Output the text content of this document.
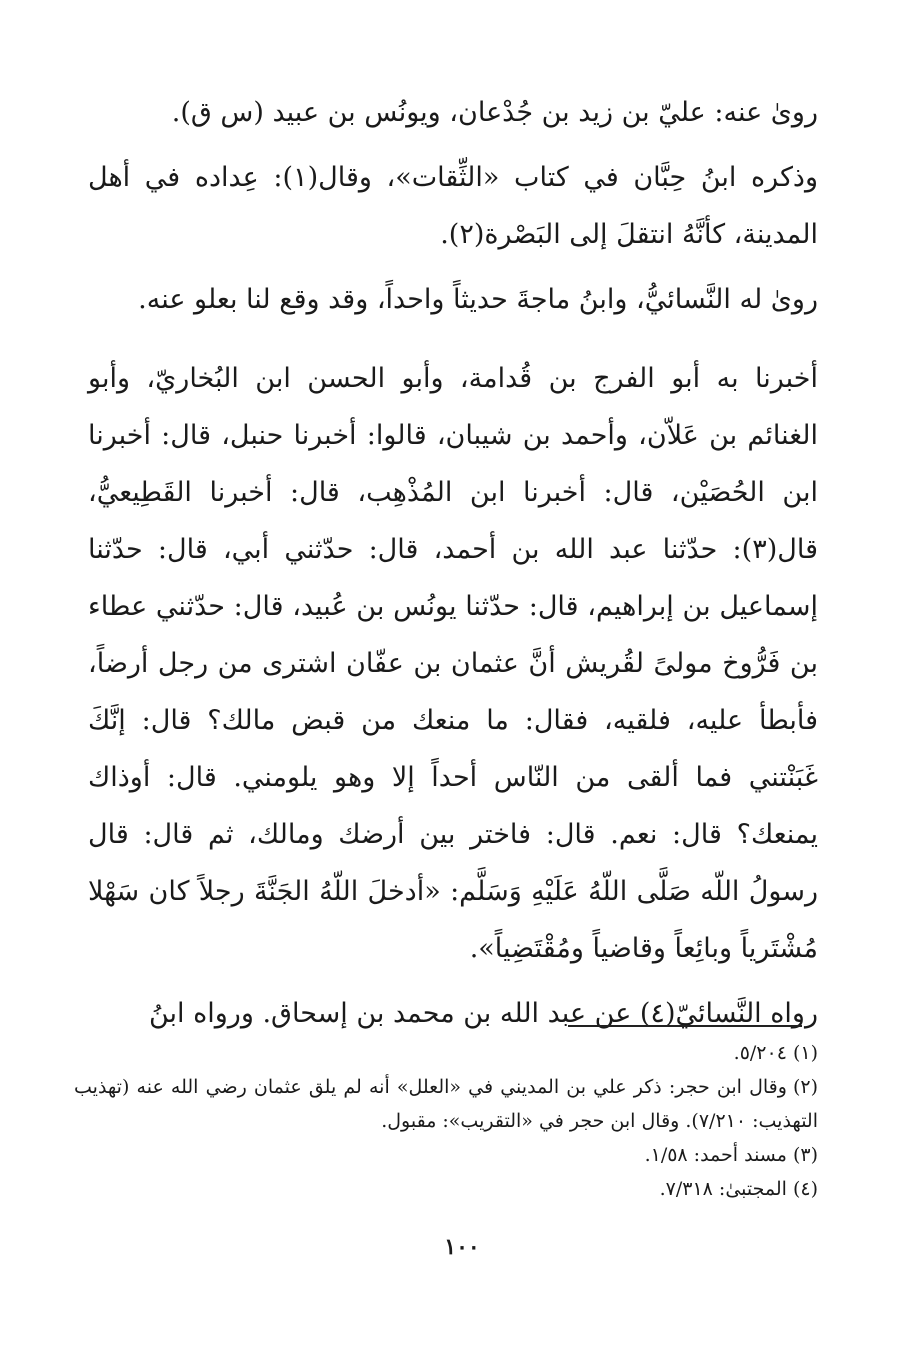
روىٰ عنه: عليّ بن زيد بن جُدْعان، ويونُس بن عبيد (س ق).

وذكره ابنُ حِبَّان في كتاب «الثِّقات»، وقال(١): عِداده في أهل المدينة، كأنَّهُ انتقلَ إلى البَصْرة(٢).

روىٰ له النَّسائيُّ، وابنُ ماجةَ حديثاً واحداً، وقد وقع لنا بعلو عنه.

أخبرنا به أبو الفرج بن قُدامة، وأبو الحسن ابن البُخاريّ، وأبو الغنائم بن عَلاّن، وأحمد بن شيبان، قالوا: أخبرنا حنبل، قال: أخبرنا ابن الحُصَيْن، قال: أخبرنا ابن المُذْهِب، قال: أخبرنا القَطِيعيُّ، قال(٣): حدّثنا عبد الله بن أحمد، قال: حدّثني أبي، قال: حدّثنا إسماعيل بن إبراهيم، قال: حدّثنا يونُس بن عُبيد، قال: حدّثني عطاء بن فَرُّوخ مولىً لقُريش أنَّ عثمان بن عفّان اشترى من رجل أرضاً، فأبطأ عليه، فلقيه، فقال: ما منعك من قبض مالك؟ قال: إنَّكَ غَبَنْتني فما ألقى من النّاس أحداً إلا وهو يلومني. قال: أوذاك يمنعك؟ قال: نعم. قال: فاختر بين أرضك ومالك، ثم قال: قال رسولُ اللّه صَلَّى اللّهُ عَلَيْهِ وَسَلَّم: «أدخلَ اللّهُ الجَنَّةَ رجلاً كان سَهْلا مُشْتَرياً وبائِعاً وقاضياً ومُقْتَضِياً».

رواه النَّسائيّ(٤) عن عبد الله بن محمد بن إسحاق. ورواه ابنُ

(١)٥/٢٠٤.

(٢)وقال ابن حجر: ذكر علي بن المديني في «العلل» أنه لم يلق عثمان رضي الله عنه (تهذيب التهذيب: ٧/٢١٠). وقال ابن حجر في «التقريب»: مقبول.

(٣)مسند أحمد: ١/٥٨.

(٤)المجتبىٰ: ٧/٣١٨.

١٠٠
